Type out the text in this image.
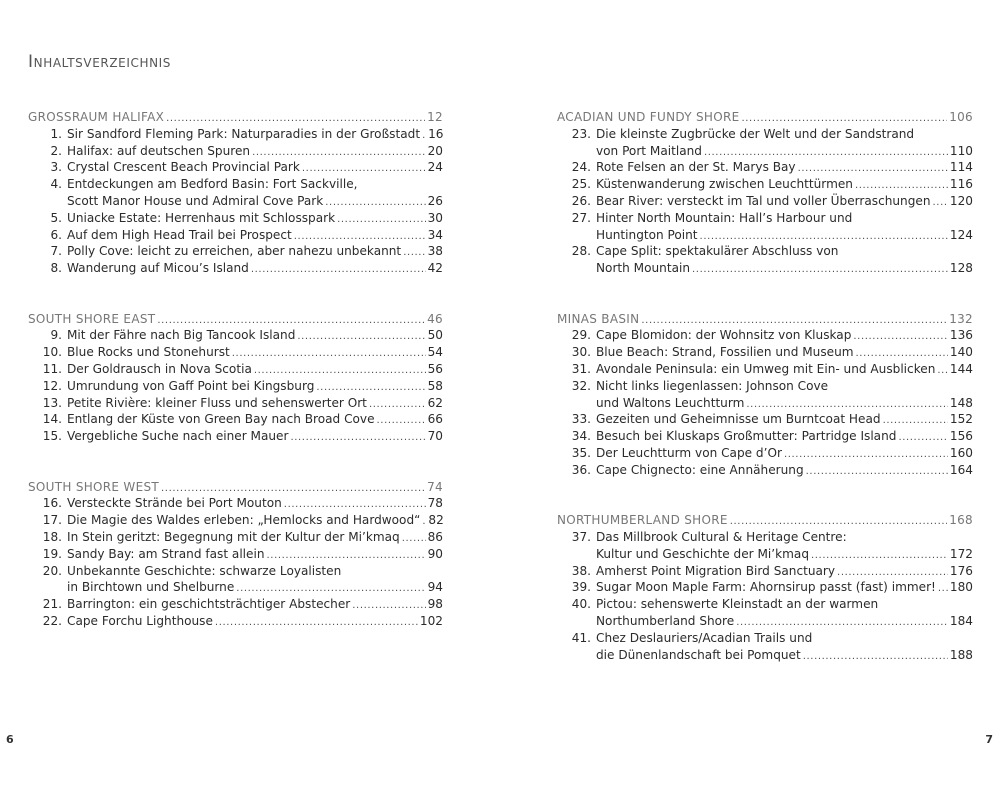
Inhaltsverzeichnis
GROSSRAUM HALIFAX .....	12
1. Sir Sandford Fleming Park: Naturparadies in der Großstadt ..... 16
2. Halifax: auf deutschen Spuren .....	20
3. Crystal Crescent Beach Provincial Park .....	24
4. Entdeckungen am Bedford Basin: Fort Sackville,
Scott Manor House und Admiral Cove Park .....	26
5. Uniacke Estate: Herrenhaus mit Schlosspark .....	30
6. Auf dem High Head Trail bei Prospect .....	34
7. Polly Cove: leicht zu erreichen, aber nahezu unbekannt ..... 38
8. Wanderung auf Micou’s Island .....	42
SOUTH SHORE EAST .....	46
9. Mit der Fähre nach Big Tancook Island .....	50
10. Blue Rocks und Stonehurst .....	54
11. Der Goldrausch in Nova Scotia .....	56
12. Umrundung von Gaff Point bei Kingsburg .....	58
13. Petite Rivière: kleiner Fluss und sehenswerter Ort .....	62
14. Entlang der Küste von Green Bay nach Broad Cove .....	66
15. Vergebliche Suche nach einer Mauer .....	70
SOUTH SHORE WEST .....	74
16. Versteckte Strände bei Port Mouton .....	78
17. Die Magie des Waldes erleben: „Hemlocks and Hardwood“ ..... 82
18. In Stein geritzt: Begegnung mit der Kultur der Mi’kmaq ..... 86
19. Sandy Bay: am Strand fast allein .....	90
20. Unbekannte Geschichte: schwarze Loyalisten
in Birchtown und Shelburne .....	94
21. Barrington: ein geschichtsträchtiger Abstecher .....	98
22. Cape Forchu Lighthouse .....	102
ACADIAN UND FUNDY SHORE .....	106
23. Die kleinste Zugbrücke der Welt und der Sandstrand
von Port Maitland .....	110
24. Rote Felsen an der St. Marys Bay .....	114
25. Küstenwanderung zwischen Leuchttürmen .....	116
26. Bear River: versteckt im Tal und voller Überraschungen ..... 120
27. Hinter North Mountain: Hall’s Harbour und
Huntington Point .....	124
28. Cape Split: spektakulärer Abschluss von
North Mountain .....	128
MINAS BASIN .....	132
29. Cape Blomidon: der Wohnsitz von Kluskap .....	136
30. Blue Beach: Strand, Fossilien und Museum .....	140
31. Avondale Peninsula: ein Umweg mit Ein- und Ausblicken ..... 144
32. Nicht links liegenlassen: Johnson Cove
und Waltons Leuchtturm .....	148
33. Gezeiten und Geheimnisse um Burntcoat Head .....	152
34. Besuch bei Kluskaps Großmutter: Partridge Island .....	156
35. Der Leuchtturm von Cape d’Or .....	160
36. Cape Chignecto: eine Annäherung .....	164
NORTHUMBERLAND SHORE .....	168
37. Das Millbrook Cultural & Heritage Centre:
Kultur und Geschichte der Mi’kmaq .....	172
38. Amherst Point Migration Bird Sanctuary .....	176
39. Sugar Moon Maple Farm: Ahornsirup passt (fast) immer! ..... 180
40. Pictou: sehenswerte Kleinstadt an der warmen
Northumberland Shore .....	184
41. Chez Deslauriers/Acadian Trails und
die Dünenlandschaft bei Pomquet .....	188
6	7
